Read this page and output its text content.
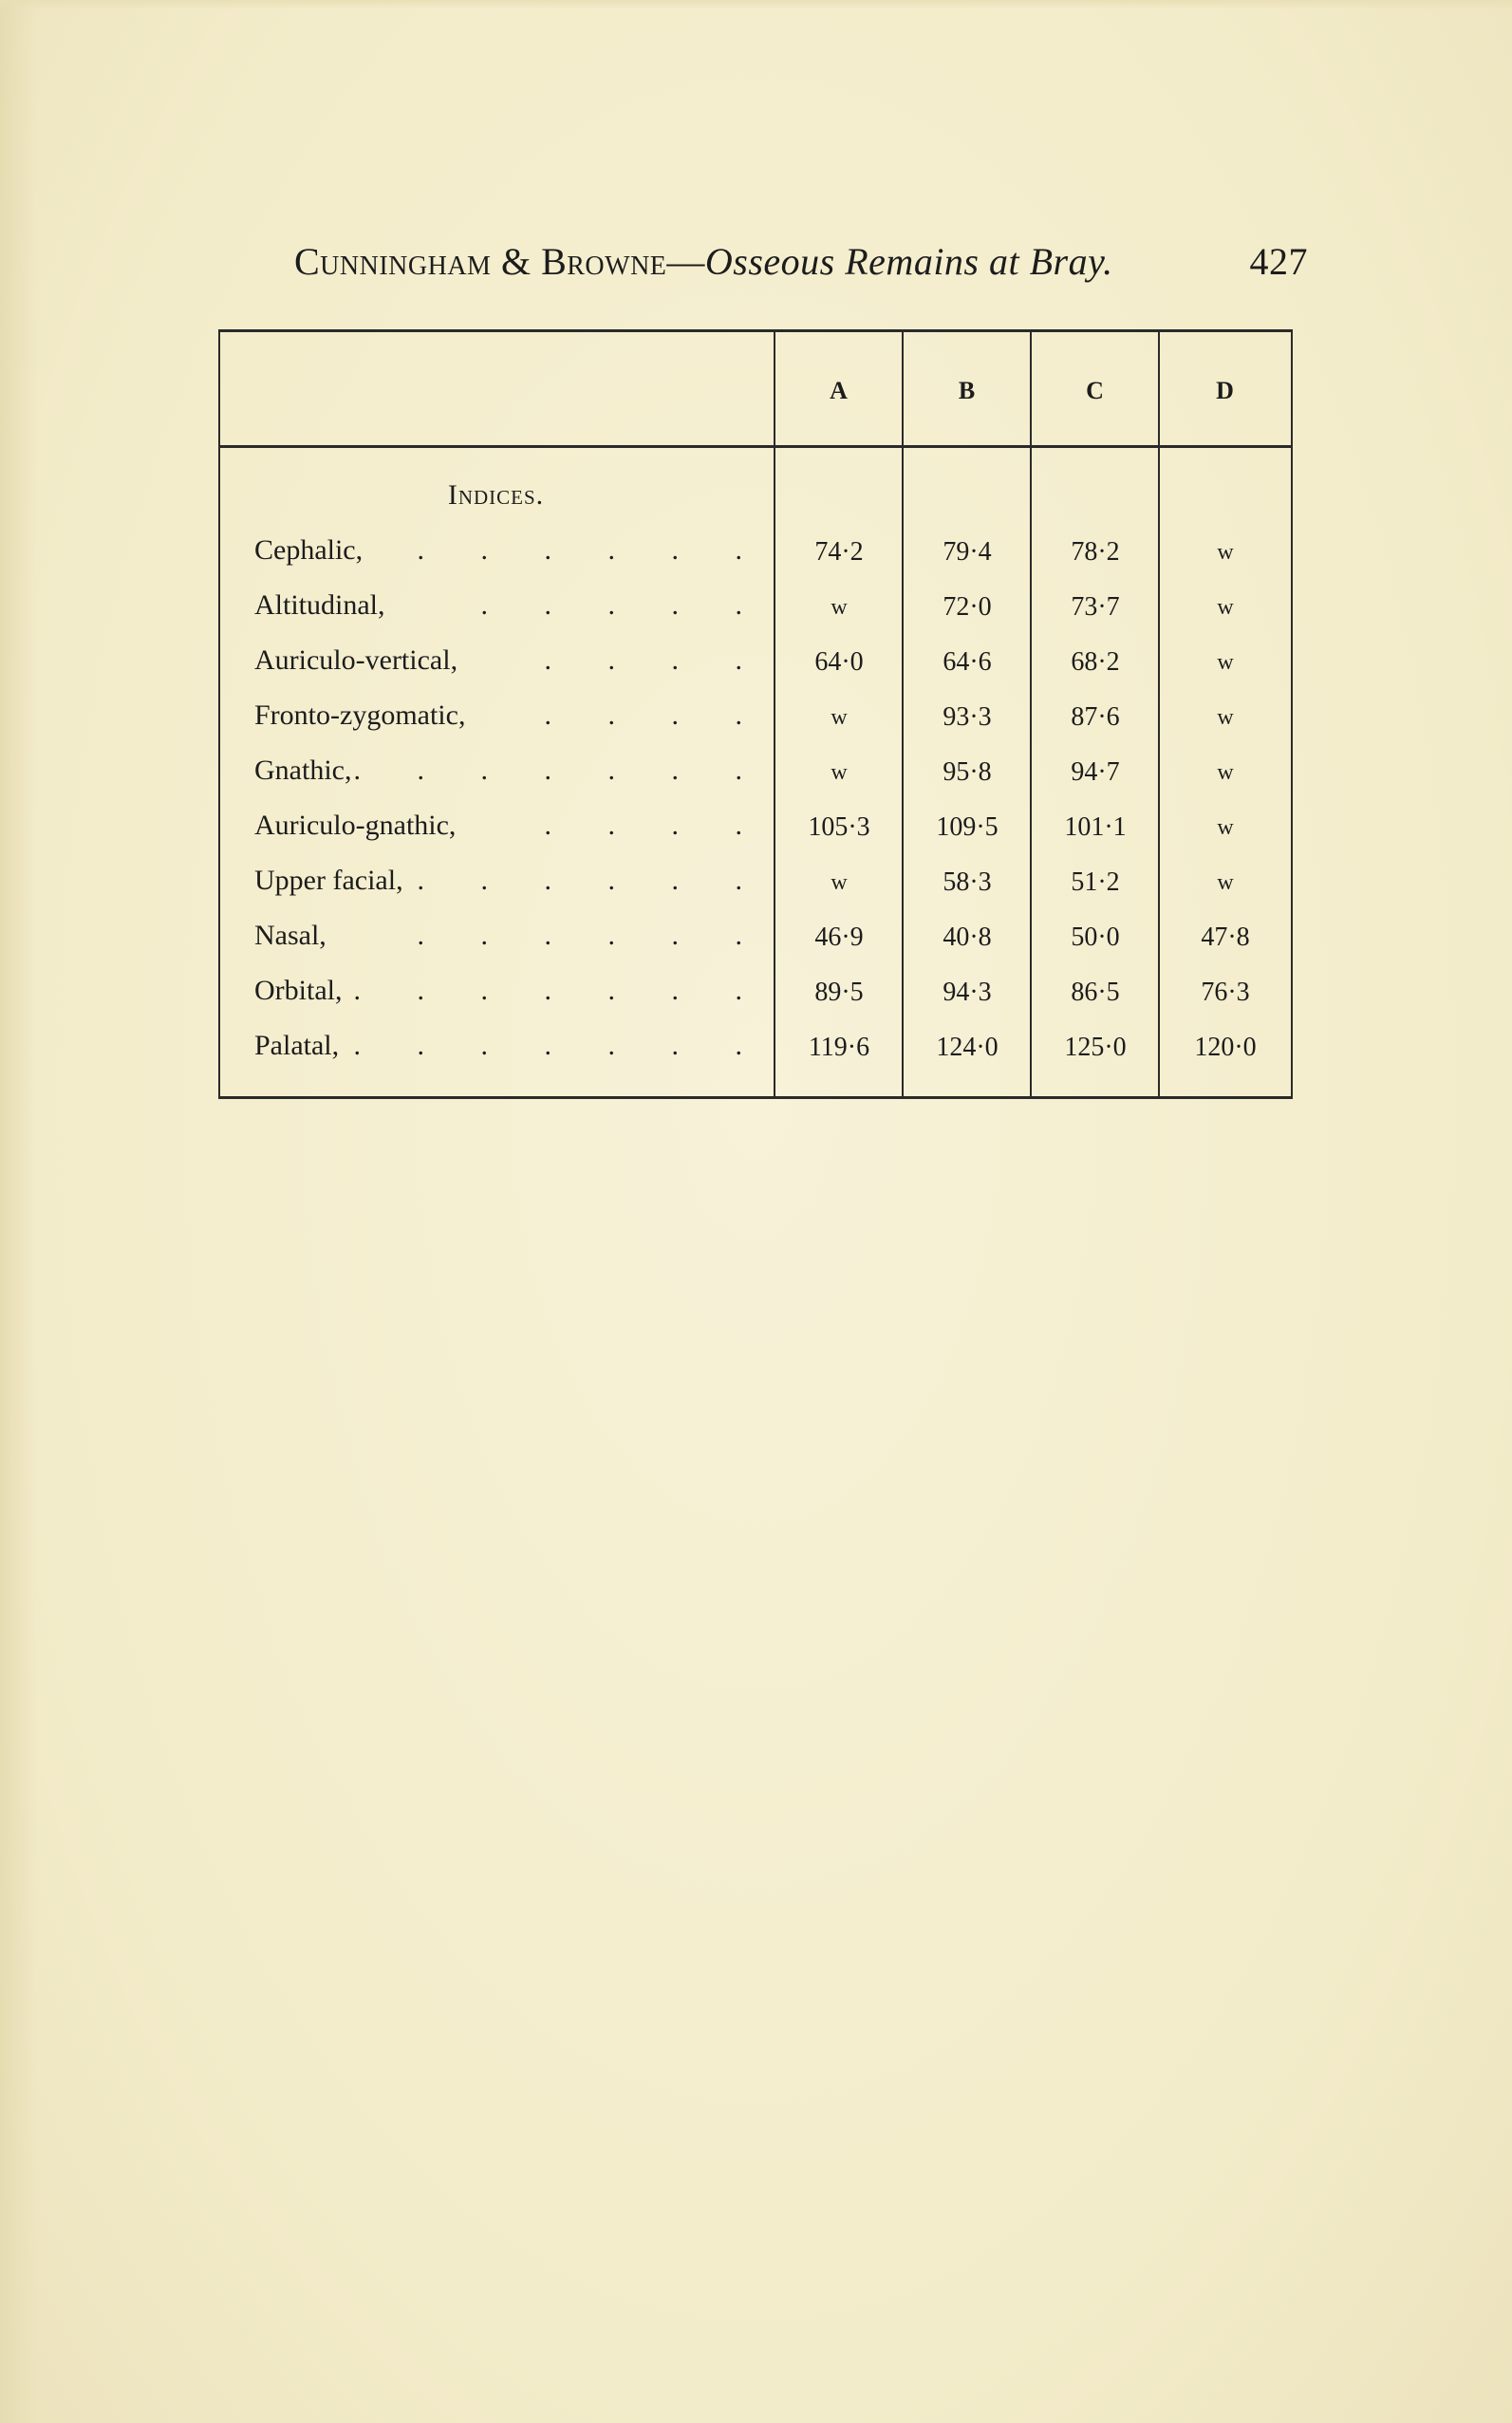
Cunningham & Browne—Osseous Remains at Bray.	427
A	B	C	D
Indices.
Cephalic, . . . . . .	74·2	79·4	78·2	w
Altitudinal,	. . . . .	w	72·0	73·7	w
Auriculo-vertical,	. . . .	64·0	64·6	68·2	w
Fronto-zygomatic,	. . . .	w	93·3	87·6	w
Gnathic, . . . . . . .	w	95·8	94·7	w
Auriculo-gnathic,	. . . .	105·3	109·5	101·1	w
Upper facial, . . . . . .	w	58·3	51·2	w
Nasal,	. . . . . .	46·9	40·8	50·0	47·8
Orbital, . . . . . . .	89·5	94·3	86·5	76·3
Palatal, . . . . . . .	119·6	124·0	125·0	120·0
